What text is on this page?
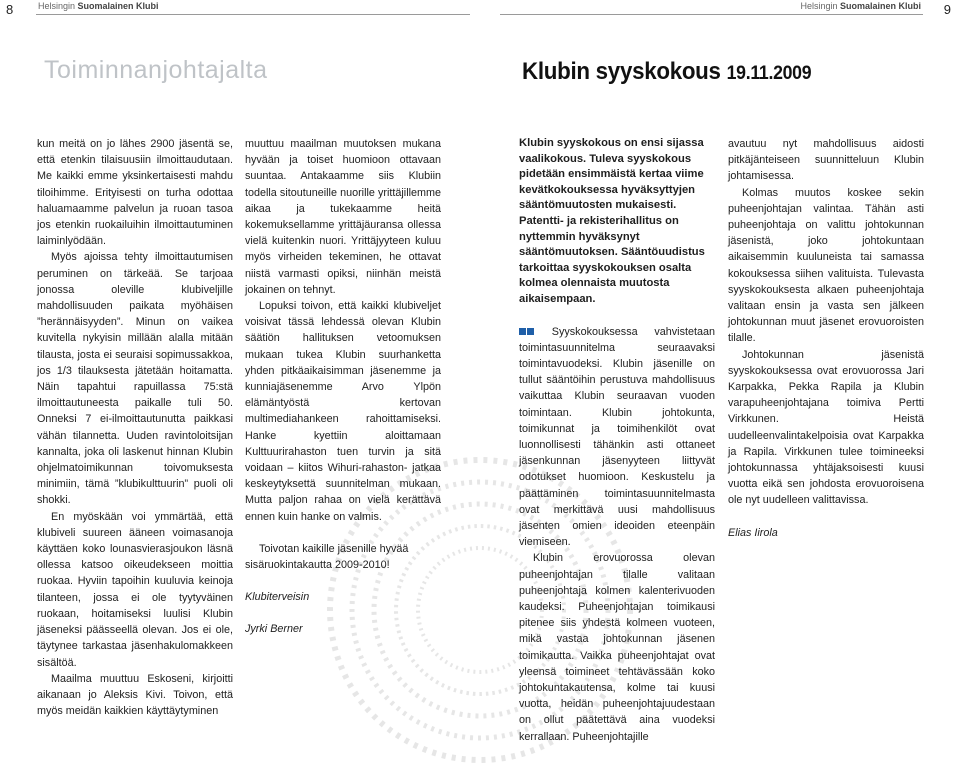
8	9
Helsingin Suomalainen Klubi	Helsingin Suomalainen Klubi
Toiminnanjohtajalta	Klubin syyskokous 19.11.2009

kun meitä on jo lähes 2900 jäsentä se, että etenkin tilaisuusiin ilmoittaudutaan. Me kaikki emme yksinkertaisesti mahdu tiloihimme. Erityisesti on turha odottaa haluamaamme palvelun ja ruoan tasoa jos etenkin ruokailuihin ilmoittautuminen laiminlyödään.

Myös ajoissa tehty ilmoittautumisen peruminen on tärkeää. Se tarjoaa jonossa oleville klubiveljille mahdollisuuden paikata myöhäisen ”herännäisyyden”. Minun on vaikea kuvitella nykyisin millään alalla mitään tilausta, josta ei seuraisi sopimussakkoa, jos 1/3 tilauksesta jätetään hoitamatta. Näin tapahtui rapuillassa 75:stä ilmoittautuneesta paikalle tuli 50. Onneksi 7 ei-ilmoittautunutta paikkasi vähän tilannetta. Uuden ravintoloitsijan kannalta, joka oli laskenut hinnan Klubin ohjelmatoimikunnan toivomuksesta minimiin, tämä ”klubikulttuurin” puoli oli shokki.

En myöskään voi ymmärtää, että klubiveli suureen ääneen voimasanoja käyttäen koko lounasvierasjoukon läsnä ollessa katsoo oikeudekseen moittia ruokaa. Hyviin tapoihin kuuluvia keinoja tilanteen, jossa ei ole tyytyväinen ruokaan, hoitamiseksi luulisi Klubin jäseneksi päässeellä olevan. Jos ei ole, täytynee tarkastaa jäsenhakulomakkeen sisältöä.

Maailma muuttuu Eskoseni, kirjoitti aikanaan jo Aleksis Kivi. Toivon, että myös meidän kaikkien käyttäytyminen

muuttuu maailman muutoksen mukana hyvään ja toiset huomioon ottavaan suuntaa. Antakaamme siis Klubiin todella sitoutuneille nuorille yrittäjillemme aikaa ja tukekaamme heitä kokemuksellamme yrittäjäuransa ollessa vielä kuitenkin nuori. Yrittäjyyteen kuluu myös virheiden tekeminen, he ottavat niistä varmasti opiksi, niinhän meistä jokainen on tehnyt.

Lopuksi toivon, että kaikki klubiveljet voisivat tässä lehdessä olevan Klubin säätiön hallituksen vetoomuksen mukaan tukea Klubin suurhanketta yhden pitkäaikaisimman jäsenemme ja kunniajäsenemme Arvo Ylpön elämäntyöstä kertovan multimediahankeen rahoittamiseksi. Hanke kyettiin aloittamaan Kulttuurirahaston tuen turvin ja sitä voidaan – kiitos Wihuri-rahaston- jatkaa keskeytyksettä suunnitelman mukaan. Mutta paljon rahaa on vielä kerättävä ennen kuin hanke on valmis.

Toivotan kaikille jäsenille hyvää sisäruokintakautta 2009-2010!

Klubiterveisin

Jyrki Berner

Klubin syyskokous on ensi sijassa vaalikokous. Tuleva syyskokous pidetään ensimmäistä kertaa viime kevätkokouksessa hyväksyttyjen sääntömuutosten mukaisesti. Patentti- ja rekisterihallitus on nyttemmin hyväksynyt sääntömuutoksen. Sääntöuudistus tarkoittaa syyskokouksen osalta kolmea olennaista muutosta aikaisempaan.

Syyskokouksessa vahvistetaan toimintasuunnitelma seuraavaksi toimintavuodeksi. Klubin jäsenille on tullut sääntöihin perustuva mahdollisuus vaikuttaa Klubin seuraavan vuoden toimintaan. Klubin johtokunta, toimikunnat ja toimihenkilöt ovat luonnollisesti tähänkin asti ottaneet jäsenkunnan jäsenyyteen liittyvät odotukset huomioon. Keskustelu ja päättäminen toimintasuunnitelmasta ovat merkittävä uusi mahdollisuus jäsenten omien ideoiden eteenpäin viemiseen.

Klubin erovuorossa olevan puheenjohtajan tilalle valitaan puheenjohtaja kolmen kalenterivuoden kaudeksi. Puheenjohtajan toimikausi pitenee siis yhdestä kolmeen vuoteen, mikä vastaa johtokunnan jäsenen toimikautta. Vaikka puheenjohtajat ovat yleensä toimineet tehtävässään koko johtokuntakautensa, kolme tai kuusi vuotta, heidän puheenjohtajuudestaan on ollut päätettävä aina vuodeksi kerrallaan. Puheenjohtajille

avautuu nyt mahdollisuus aidosti pitkäjänteiseen suunnitteluun Klubin johtamisessa.

Kolmas muutos koskee sekin puheenjohtajan valintaa. Tähän asti puheenjohtaja on valittu johtokunnan jäsenistä, joko johtokuntaan aikaisemmin kuuluneista tai samassa kokouksessa siihen valituista. Tulevasta syyskokouksesta alkaen puheenjohtaja valitaan ensin ja vasta sen jälkeen johtokunnan muut jäsenet erovuoroisten tilalle.

Johtokunnan jäsenistä syyskokouksessa ovat erovuorossa Jari Karpakka, Pekka Rapila ja Klubin varapuheenjohtajana toimiva Pertti Virkkunen. Heistä uudelleenvalintakelpoisia ovat Karpakka ja Rapila. Virkkunen tulee toimineeksi johtokunnassa yhtäjaksoisesti kuusi vuotta eikä sen johdosta erovuoroisena ole nyt uudelleen valittavissa.

Elias Iirola
